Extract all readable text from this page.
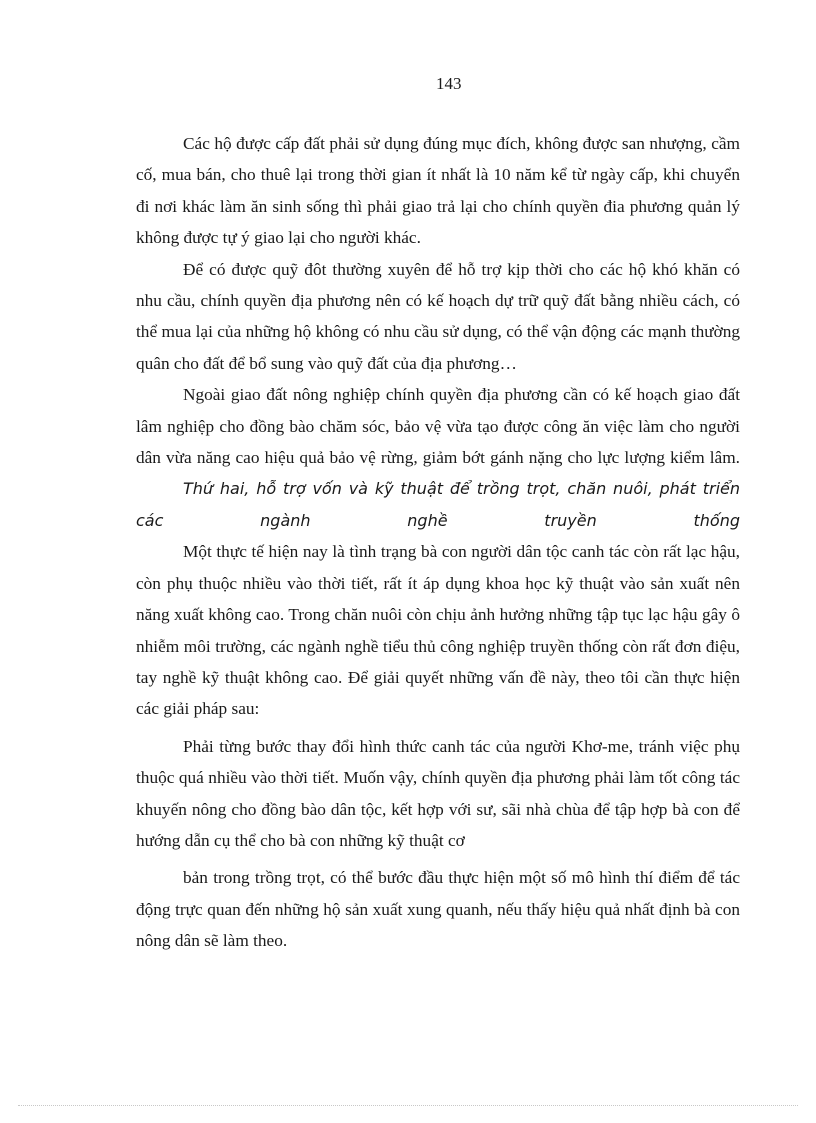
143

Các hộ được cấp đất phải sử dụng đúng mục đích, không được san nhượng, cầm cố, mua bán, cho thuê lại trong thời gian ít nhất là 10 năm kể từ ngày cấp, khi chuyển đi nơi khác làm ăn sinh sống thì phải giao trả lại cho chính quyền đia phương quản lý không được tự ý giao lại cho người khác.

Để có được quỹ đôt thường xuyên để hỗ trợ kịp thời cho các hộ khó khăn có nhu cầu, chính quyền địa phương nên có kế hoạch dự trữ quỹ đất bằng nhiều cách, có thể mua lại của những hộ không có nhu cầu sử dụng, có thể vận động các mạnh thường quân cho đất để bổ sung vào quỹ đất của địa phương…

Ngoài giao đất nông nghiệp chính quyền địa phương cần có kế hoạch giao đất lâm nghiệp cho đồng bào chăm sóc, bảo vệ vừa tạo được công ăn việc làm cho người dân vừa năng cao hiệu quả bảo vệ rừng, giảm bớt gánh nặng cho lực lượng kiểm lâm.

Thứ hai, hỗ trợ vốn và kỹ thuật để trồng trọt, chăn nuôi, phát triển các ngành nghề truyền thống

Một thực tế hiện nay là tình trạng bà con người dân tộc canh tác còn rất lạc hậu, còn phụ thuộc nhiều vào thời tiết, rất ít áp dụng khoa học kỹ thuật vào sản xuất nên năng xuất không cao. Trong chăn nuôi còn chịu ảnh hưởng những tập tục lạc hậu gây ô nhiễm môi trường, các ngành nghề tiểu thủ công nghiệp truyền thống còn rất đơn điệu, tay nghề kỹ thuật không cao. Để giải quyết những vấn đề này, theo tôi cần thực hiện các giải pháp sau:

Phải từng bước thay đổi hình thức canh tác của người Khơ-me, tránh việc phụ thuộc quá nhiều vào thời tiết. Muốn vậy, chính quyền địa phương phải làm tốt công tác khuyến nông cho đồng bào dân tộc, kết hợp với sư, sãi nhà chùa để tập hợp bà con để hướng dẫn cụ thể cho bà con những kỹ thuật cơ

bản trong trồng trọt, có thể bước đầu thực hiện một số mô hình thí điểm để tác động trực quan đến những hộ sản xuất xung quanh, nếu thấy hiệu quả nhất định bà con nông dân sẽ làm theo.
